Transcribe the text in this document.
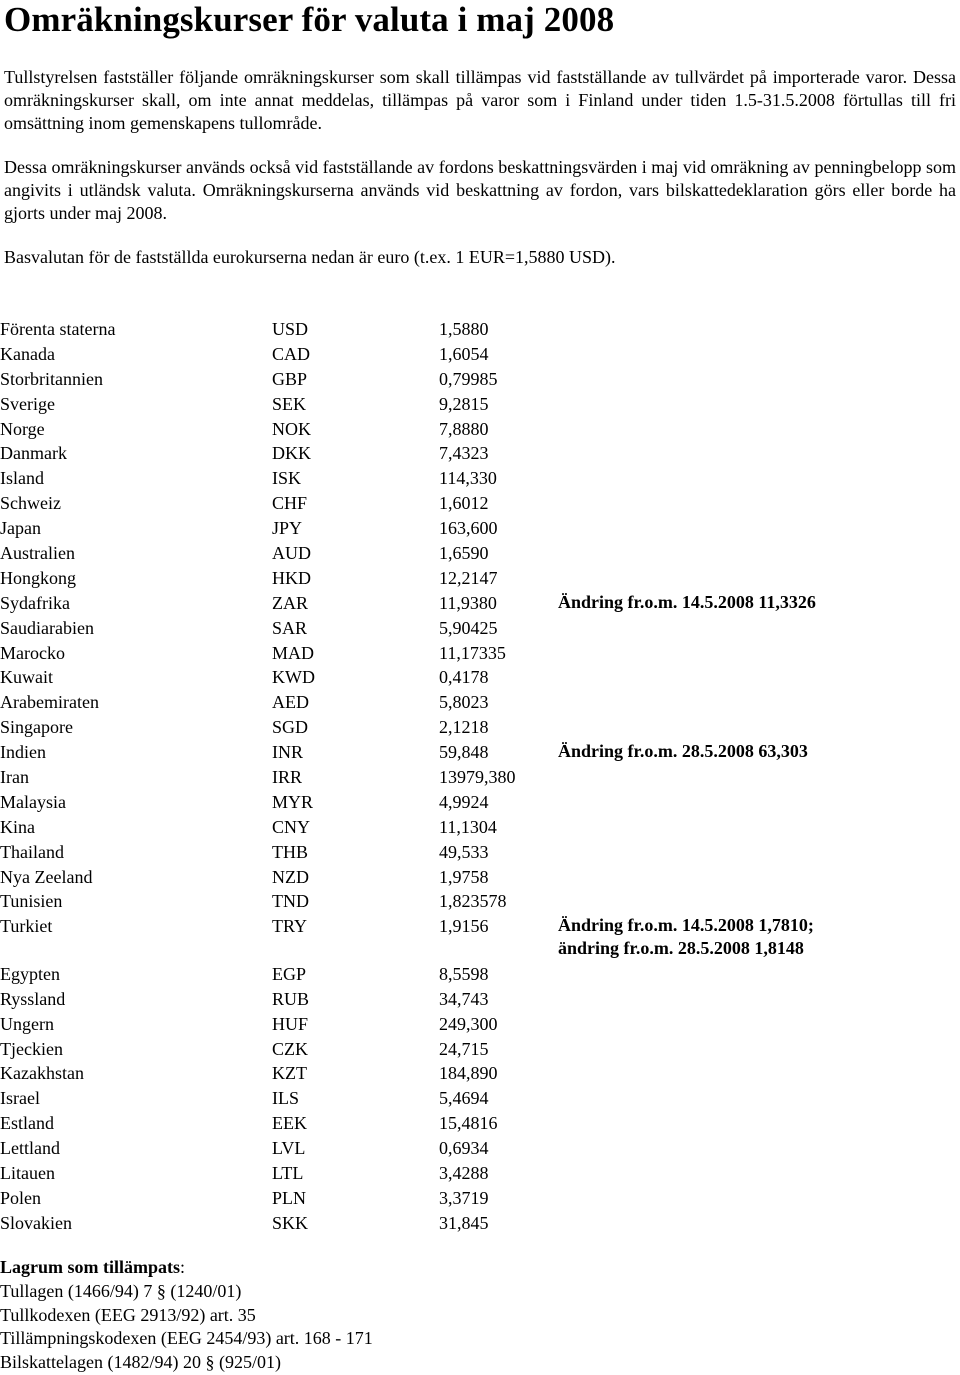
Omräkningskurser för valuta i maj 2008

Tullstyrelsen fastställer följande omräkningskurser som skall tillämpas vid fastställande av tullvärdet på importerade varor. Dessa omräkningskurser skall, om inte annat meddelas, tillämpas på varor som i Finland under tiden 1.5-31.5.2008 förtullas till fri omsättning inom gemenskapens tullområde.

Dessa omräkningskurser används också vid fastställande av fordons beskattningsvärden i maj vid omräkning av penningbelopp som angivits i utländsk valuta. Omräkningskurserna används vid beskattning av fordon, vars bilskattedeklaration görs eller borde ha gjorts under maj 2008.

Basvalutan för de fastställda eurokurserna nedan är euro (t.ex. 1 EUR=1,5880 USD).

Förenta staterna	USD	1,5880
Kanada	CAD	1,6054
Storbritannien	GBP	0,79985
Sverige	SEK	9,2815
Norge	NOK	7,8880
Danmark	DKK	7,4323
Island	ISK	114,330
Schweiz	CHF	1,6012
Japan	JPY	163,600
Australien	AUD	1,6590
Hongkong	HKD	12,2147
Sydafrika	ZAR	11,9380	Ändring fr.o.m. 14.5.2008 11,3326
Saudiarabien	SAR	5,90425
Marocko	MAD	11,17335
Kuwait	KWD	0,4178
Arabemiraten	AED	5,8023
Singapore	SGD	2,1218
Indien	INR	59,848	Ändring fr.o.m. 28.5.2008 63,303
Iran	IRR	13979,380
Malaysia	MYR	4,9924
Kina	CNY	11,1304
Thailand	THB	49,533
Nya Zeeland	NZD	1,9758
Tunisien	TND	1,823578
Turkiet	TRY	1,9156	Ändring fr.o.m. 14.5.2008 1,7810;
ändring fr.o.m. 28.5.2008 1,8148
Egypten	EGP	8,5598
Ryssland	RUB	34,743
Ungern	HUF	249,300
Tjeckien	CZK	24,715
Kazakhstan	KZT	184,890
Israel	ILS	5,4694
Estland	EEK	15,4816
Lettland	LVL	0,6934
Litauen	LTL	3,4288
Polen	PLN	3,3719
Slovakien	SKK	31,845
Lagrum som tillämpats:
Tullagen (1466/94) 7 § (1240/01)
Tullkodexen (EEG 2913/92) art. 35
Tillämpningskodexen (EEG 2454/93) art. 168 - 171
Bilskattelagen (1482/94) 20 § (925/01)
